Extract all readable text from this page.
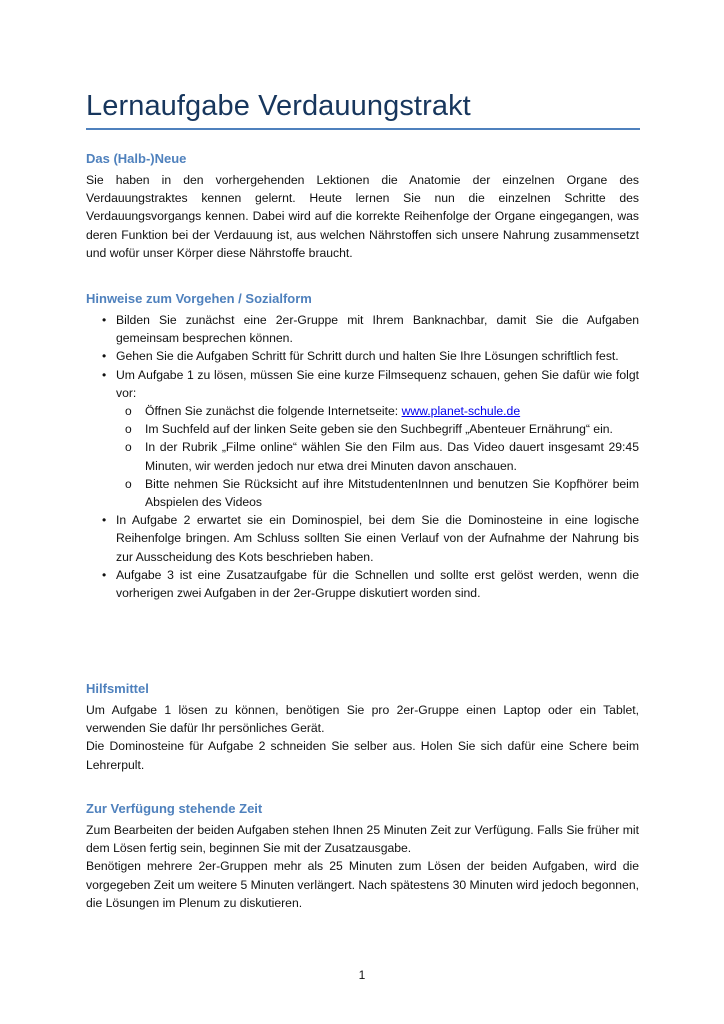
Lernaufgabe Verdauungstrakt
Das (Halb-)Neue

Sie haben in den vorhergehenden Lektionen die Anatomie der einzelnen Organe des Verdauungstraktes kennen gelernt. Heute lernen Sie nun die einzelnen Schritte des Verdauungsvorgangs kennen. Dabei wird auf die korrekte Reihenfolge der Organe eingegangen, was deren Funktion bei der Verdauung ist, aus welchen Nährstoffen sich unsere Nahrung zusammensetzt und wofür unser Körper diese Nährstoffe braucht.

Hinweise zum Vorgehen / Sozialform
• Bilden Sie zunächst eine 2er-Gruppe mit Ihrem Banknachbar, damit Sie die Aufgaben gemeinsam besprechen können.
• Gehen Sie die Aufgaben Schritt für Schritt durch und halten Sie Ihre Lösungen schriftlich fest.
• Um Aufgabe 1 zu lösen, müssen Sie eine kurze Filmsequenz schauen, gehen Sie dafür wie folgt vor:
o Öffnen Sie zunächst die folgende Internetseite: www.planet-schule.de
o Im Suchfeld auf der linken Seite geben sie den Suchbegriff „Abenteuer Ernährung“ ein.
o In der Rubrik „Filme online“ wählen Sie den Film aus. Das Video dauert insgesamt 29:45 Minuten, wir werden jedoch nur etwa drei Minuten davon anschauen.
o Bitte nehmen Sie Rücksicht auf ihre MitstudentenInnen und benutzen Sie Kopfhörer beim Abspielen des Videos
• In Aufgabe 2 erwartet sie ein Dominospiel, bei dem Sie die Dominosteine in eine logische Reihenfolge bringen. Am Schluss sollten Sie einen Verlauf von der Aufnahme der Nahrung bis zur Ausscheidung des Kots beschrieben haben.
• Aufgabe 3 ist eine Zusatzaufgabe für die Schnellen und sollte erst gelöst werden, wenn die vorherigen zwei Aufgaben in der 2er-Gruppe diskutiert worden sind.
Hilfsmittel

Um Aufgabe 1 lösen zu können, benötigen Sie pro 2er-Gruppe einen Laptop oder ein Tablet, verwenden Sie dafür Ihr persönliches Gerät.

Die Dominosteine für Aufgabe 2 schneiden Sie selber aus. Holen Sie sich dafür eine Schere beim Lehrerpult.

Zur Verfügung stehende Zeit

Zum Bearbeiten der beiden Aufgaben stehen Ihnen 25 Minuten Zeit zur Verfügung. Falls Sie früher mit dem Lösen fertig sein, beginnen Sie mit der Zusatzausgabe.

Benötigen mehrere 2er-Gruppen mehr als 25 Minuten zum Lösen der beiden Aufgaben, wird die vorgegeben Zeit um weitere 5 Minuten verlängert. Nach spätestens 30 Minuten wird jedoch begonnen, die Lösungen im Plenum zu diskutieren.

1
